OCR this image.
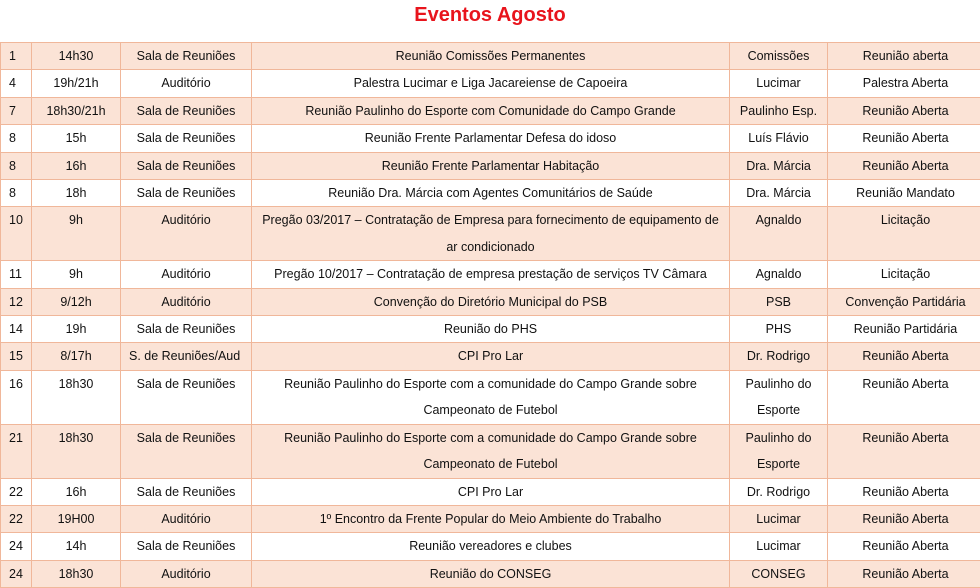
Eventos Agosto
1	14h30	Sala de Reuniões	Reunião Comissões Permanentes	Comissões	Reunião aberta
4	19h/21h	Auditório	Palestra Lucimar e Liga Jacareiense de Capoeira	Lucimar	Palestra Aberta
7	18h30/21h	Sala de Reuniões	Reunião Paulinho do Esporte com Comunidade do Campo Grande	Paulinho Esp.	Reunião Aberta
8	15h	Sala de Reuniões	Reunião Frente Parlamentar Defesa do idoso	Luís Flávio	Reunião Aberta
8	16h	Sala de Reuniões	Reunião Frente Parlamentar Habitação	Dra. Márcia	Reunião Aberta
8	18h	Sala de Reuniões	Reunião Dra. Márcia com Agentes Comunitários de Saúde	Dra. Márcia	Reunião Mandato
10	9h	Auditório	Pregão 03/2017 – Contratação de Empresa para fornecimento de equipamento de ar condicionado	Agnaldo	Licitação
11	9h	Auditório	Pregão 10/2017 – Contratação de empresa prestação de serviços TV Câmara	Agnaldo	Licitação
12	9/12h	Auditório	Convenção do Diretório Municipal do PSB	PSB	Convenção Partidária
14	19h	Sala de Reuniões	Reunião do PHS	PHS	Reunião Partidária
15	8/17h	S. de Reuniões/Aud	CPI Pro Lar	Dr. Rodrigo	Reunião Aberta
16	18h30	Sala de Reuniões	Reunião Paulinho do Esporte com a comunidade do Campo Grande sobre Campeonato de Futebol	Paulinho do Esporte	Reunião Aberta
21	18h30	Sala de Reuniões	Reunião Paulinho do Esporte com a comunidade do Campo Grande sobre Campeonato de Futebol	Paulinho do Esporte	Reunião Aberta
22	16h	Sala de Reuniões	CPI Pro Lar	Dr. Rodrigo	Reunião Aberta
22	19H00	Auditório	1º Encontro da Frente Popular do Meio Ambiente do Trabalho	Lucimar	Reunião Aberta
24	14h	Sala de Reuniões	Reunião vereadores e clubes	Lucimar	Reunião Aberta
24	18h30	Auditório	Reunião do CONSEG	CONSEG	Reunião Aberta
